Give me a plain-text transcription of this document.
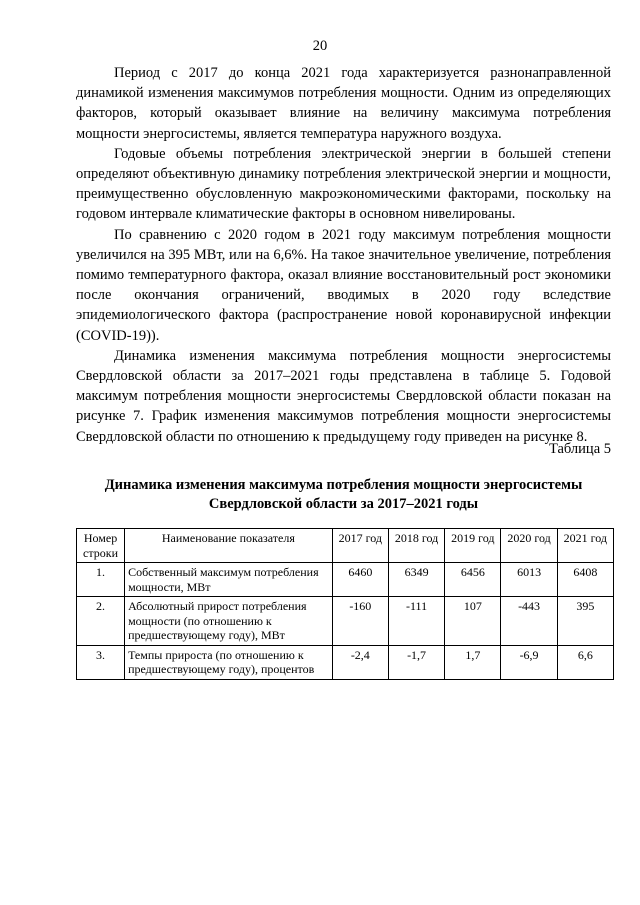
20

Период с 2017 до конца 2021 года характеризуется разнонаправленной динамикой изменения максимумов потребления мощности. Одним из определяющих факторов, который оказывает влияние на величину максимума потребления мощности энергосистемы, является температура наружного воздуха.

Годовые объемы потребления электрической энергии в большей степени определяют объективную динамику потребления электрической энергии и мощности, преимущественно обусловленную макроэкономическими факторами, поскольку на годовом интервале климатические факторы в основном нивелированы.

По сравнению с 2020 годом в 2021 году максимум потребления мощности увеличился на 395 МВт, или на 6,6%. На такое значительное увеличение, потребления помимо температурного фактора, оказал влияние восстановительный рост экономики после окончания ограничений, вводимых в 2020 году вследствие эпидемиологического фактора (распространение новой коронавирусной инфекции (COVID-19)).

Динамика изменения максимума потребления мощности энергосистемы Свердловской области за 2017–2021 годы представлена в таблице 5. Годовой максимум потребления мощности энергосистемы Свердловской области показан на рисунке 7. График изменения максимумов потребления мощности энергосистемы Свердловской области по отношению к предыдущему году приведен на рисунке 8.

Таблица 5
Динамика изменения максимума потребления мощности энергосистемы
Свердловской области за 2017–2021 годы
Номер строки	Наименование показателя	2017 год	2018 год	2019 год	2020 год	2021 год
1.	Собственный максимум потребления мощности, МВт	6460	6349	6456	6013	6408
2.	Абсолютный прирост потребления мощности (по отношению к предшествующему году), МВт	-160	-111	107	-443	395
3.	Темпы прироста (по отношению к предшествующему году), процентов	-2,4	-1,7	1,7	-6,9	6,6
